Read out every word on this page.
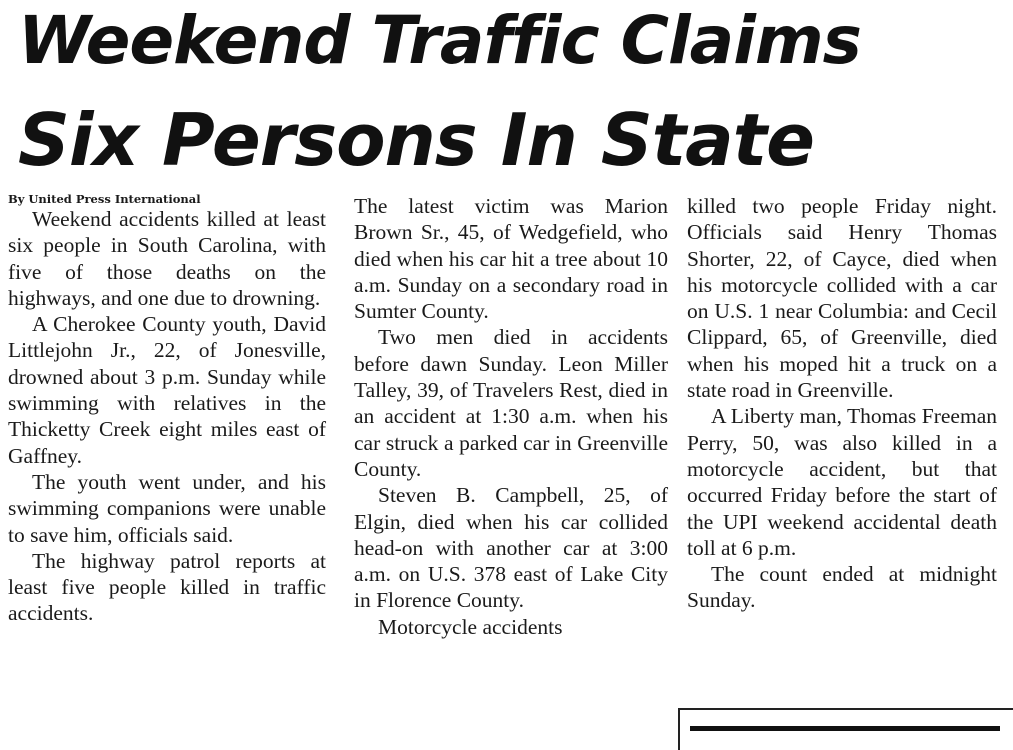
Weekend Traffic Claims
Six Persons In State

By United Press International

Weekend accidents killed at least six people in South Carolina, with five of those deaths on the highways, and one due to drowning.

A Cherokee County youth, David Littlejohn Jr., 22, of Jonesville, drowned about 3 p.m. Sunday while swimming with relatives in the Thicketty Creek eight miles east of Gaffney.

The youth went under, and his swimming companions were unable to save him, officials said.

The highway patrol reports at least five people killed in traffic accidents.

The latest victim was Marion Brown Sr., 45, of Wedgefield, who died when his car hit a tree about 10 a.m. Sunday on a secondary road in Sumter County.

Two men died in accidents before dawn Sunday. Leon Miller Talley, 39, of Travelers Rest, died in an accident at 1:30 a.m. when his car struck a parked car in Greenville County.

Steven B. Campbell, 25, of Elgin, died when his car collided head-on with another car at 3:00 a.m. on U.S. 378 east of Lake City in Florence County.

Motorcycle accidents

killed two people Friday night. Officials said Henry Thomas Shorter, 22, of Cayce, died when his motorcycle collided with a car on U.S. 1 near Columbia: and Cecil Clippard, 65, of Greenville, died when his moped hit a truck on a state road in Greenville.

A Liberty man, Thomas Freeman Perry, 50, was also killed in a motorcycle accident, but that occurred Friday before the start of the UPI weekend accidental death toll at 6 p.m.

The count ended at midnight Sunday.
